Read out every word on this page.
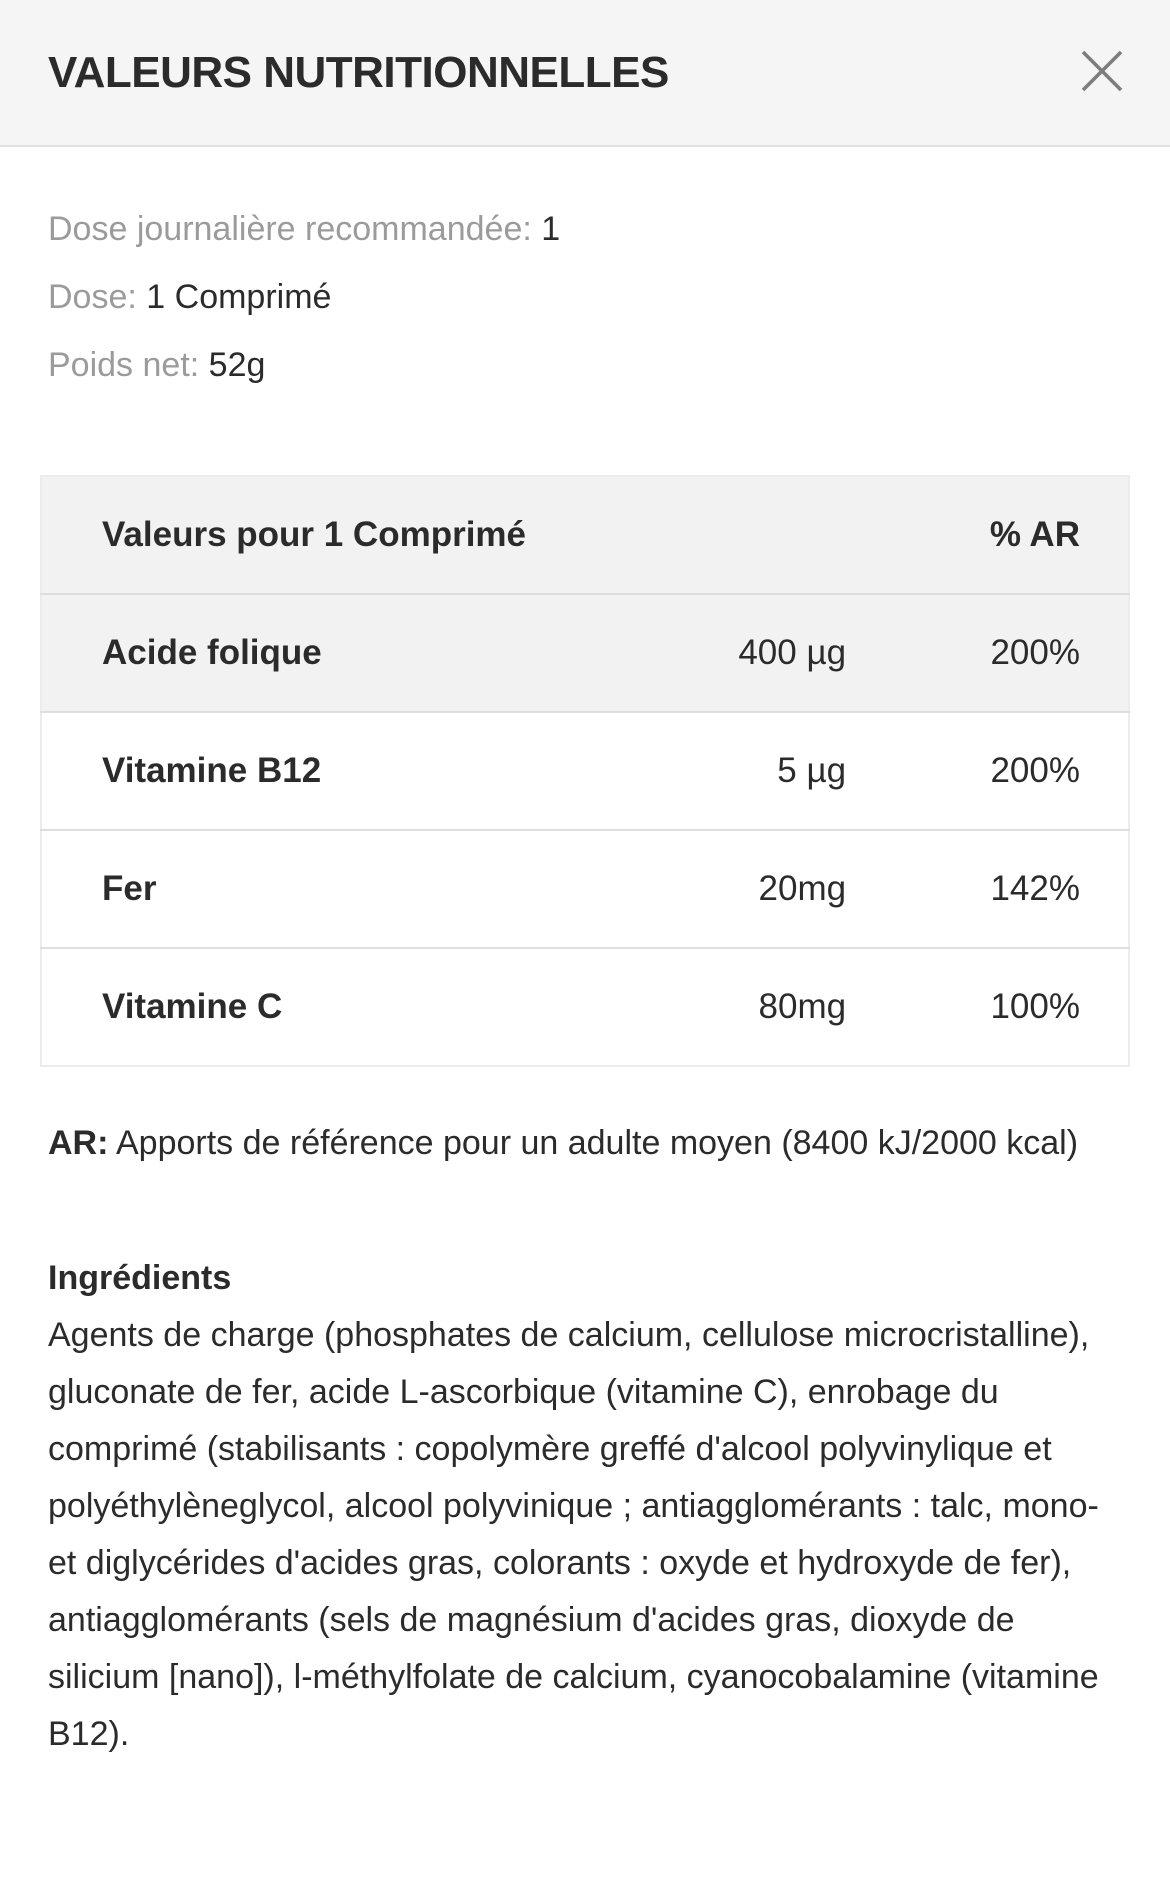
VALEURS NUTRITIONNELLES
Dose journalière recommandée: 1
Dose: 1 Comprimé
Poids net: 52g
Valeurs pour 1 Comprimé		% AR
Acide folique	400 µg	200%
Vitamine B12	5 µg	200%
Fer	20mg	142%
Vitamine C	80mg	100%
AR: Apports de référence pour un adulte moyen (8400 kJ/2000 kcal)
Ingrédients

Agents de charge (phosphates de calcium, cellulose microcristalline), gluconate de fer, acide L-ascorbique (vitamine C), enrobage du comprimé (stabilisants : copolymère greffé d'alcool polyvinylique et polyéthylèneglycol, alcool polyvinique ; antiagglomérants : talc, mono- et diglycérides d'acides gras, colorants : oxyde et hydroxyde de fer), antiagglomérants (sels de magnésium d'acides gras, dioxyde de silicium [nano]), l-méthylfolate de calcium, cyanocobalamine (vitamine B12).
